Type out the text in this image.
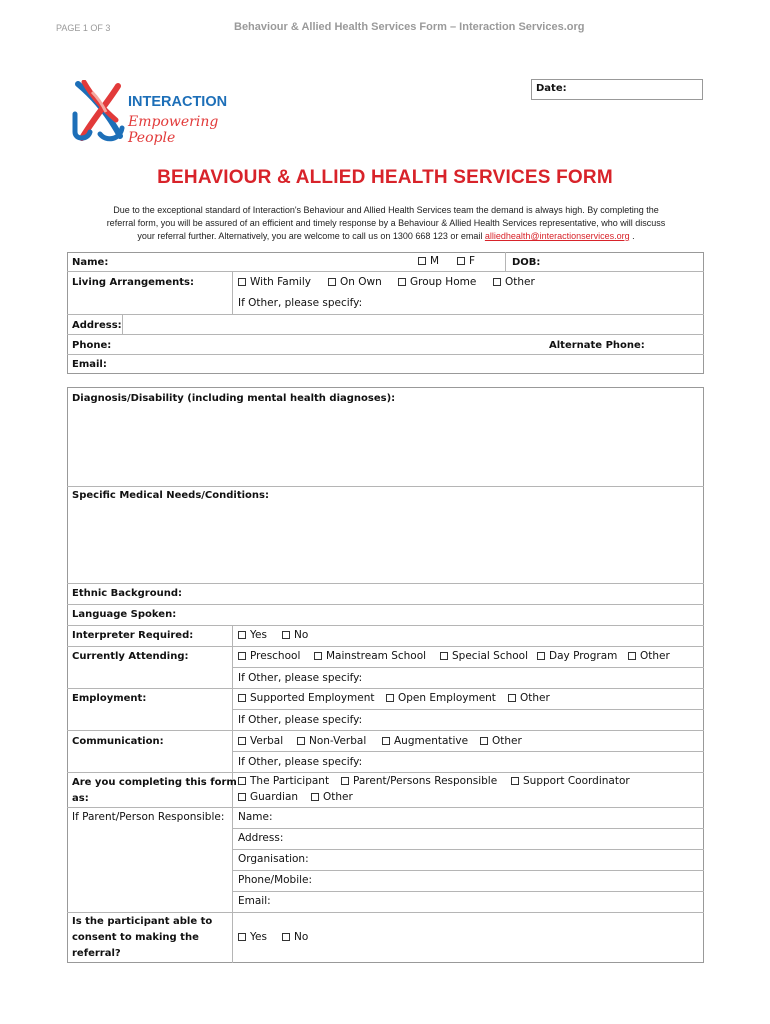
PAGE 1 OF 3	Behaviour & Allied Health Services Form – Interaction Services.org
INTERACTION
Empowering People
Date:
BEHAVIOUR & ALLIED HEALTH SERVICES FORM
Due to the exceptional standard of Interaction's Behaviour and Allied Health Services team the demand is always high. By completing the
referral form, you will be assured of an efficient and timely response by a Behaviour & Allied Health Services representative, who will discuss
your referral further. Alternatively, you are welcome to call us on 1300 668 123 or email alliedhealth@interactionservices.org .
Name:	M	F	DOB:
Living Arrangements:	With Family	On Own	Group Home	Other
If Other, please specify:
Address:
Phone:	Alternate Phone:
Email:
Diagnosis/Disability (including mental health diagnoses):
Specific Medical Needs/Conditions:
Ethnic Background:
Language Spoken:
Interpreter Required:	Yes	No
Currently Attending:	Preschool	Mainstream School	Special School	Day Program	Other
If Other, please specify:
Employment:	Supported Employment	Open Employment	Other
If Other, please specify:
Communication:	Verbal	Non-Verbal	Augmentative	Other
If Other, please specify:
Are you completing this form
as:
The Participant	Parent/Persons Responsible	Support Coordinator
Guardian	Other
If Parent/Person Responsible: Name:
Address:
Organisation:
Phone/Mobile:
Email:
Is the participant able to
consent to making the
referral?
Yes	No
